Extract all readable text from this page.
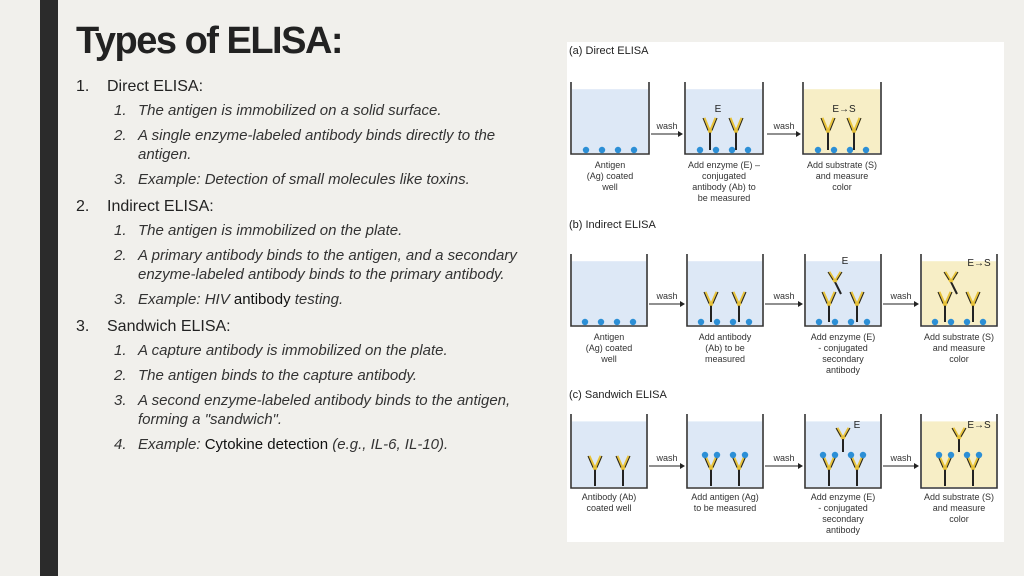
Types of ELISA:
1. Direct ELISA:
1. The antigen is immobilized on a solid surface.
2. A single enzyme-labeled antibody binds directly to the antigen.
3. Example: Detection of small molecules like toxins.
2. Indirect ELISA:
1. The antigen is immobilized on the plate.
2. A primary antibody binds to the antigen, and a secondary enzyme-labeled antibody binds to the primary antibody.
3. Example: HIV antibody testing.
3. Sandwich ELISA:
1. A capture antibody is immobilized on the plate.
2. The antigen binds to the capture antibody.
3. A second enzyme-labeled antibody binds to the antigen, forming a "sandwich".
4. Example: Cytokine detection (e.g., IL-6, IL-10).
(a) Direct ELISA
Antigen
(Ag) coated
well
E
Add enzyme (E) –
conjugated
antibody (Ab) to
be measured
E→S
Add substrate (S)
and measure
color
wash	wash
(b) Indirect ELISA
Antigen
(Ag) coated
well
Add antibody
(Ab) to be
measured
E
Add enzyme (E)
- conjugated
secondary
antibody
E→S
Add substrate (S)
and measure
color
wash	wash	wash
(c) Sandwich ELISA
Antibody (Ab)
coated well
Add antigen (Ag)
to be measured
E
Add enzyme (E)
- conjugated
secondary
antibody
E→S
Add substrate (S)
and measure
color
wash	wash	wash
